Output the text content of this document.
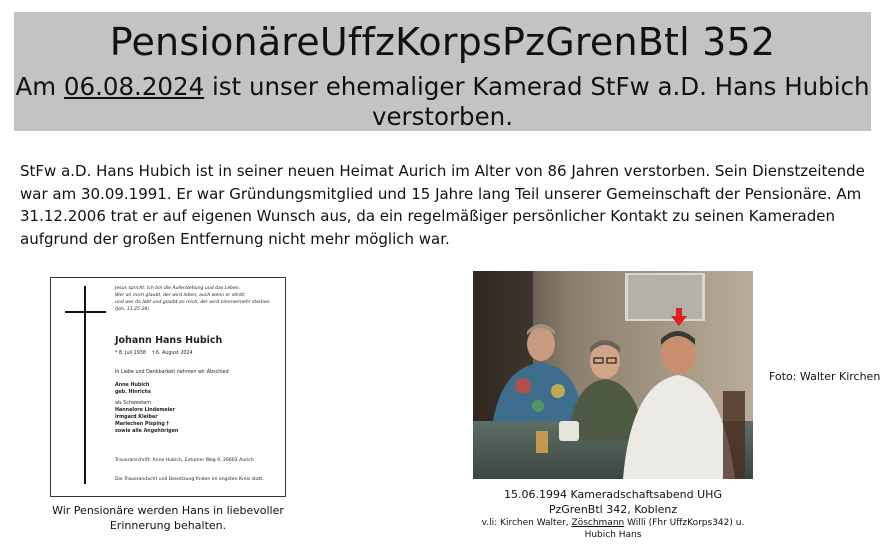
PensionäreUffzKorpsPzGrenBtl 352
Am 06.08.2024 ist unser ehemaliger Kamerad StFw a.D. Hans Hubich
verstorben.

StFw a.D. Hans Hubich ist in seiner neuen Heimat Aurich im Alter von 86 Jahren verstorben. Sein Dienstzeitende war am 30.09.1991. Er war Gründungsmitglied und 15 Jahre lang Teil unserer Gemeinschaft der Pensionäre. Am 31.12.2006 trat er auf eigenen Wunsch aus, da ein regelmäßiger persönlicher Kontakt zu seinen Kameraden aufgrund der großen Entfernung nicht mehr möglich war.

Jesus spricht: Ich bin die Auferstehung und das Leben.
Wer an mich glaubt, der wird leben, auch wenn er stirbt;
und wer da lebt und glaubt an mich, der wird nimmermehr sterben.
(Joh. 11,25-26)
Johann Hans Hubich
* 8. Juli 1938    † 6. August 2024
In Liebe und Dankbarkeit nehmen wir Abschied
Anne Hubich
geb. Hinrichs
als Schwestern
Hannelore Lindemeier
Irmgard Kleiber
Mariechen Pisping †
sowie alle Angehörigen
Traueranschrift: Anne Hubich, Extumer Weg 9, 26603 Aurich
Die Trauerandacht und Beisetzung finden im engsten Kreis statt.
Wir Pensionäre werden Hans in liebevoller Erinnerung behalten.
Foto: Walter Kirchen
15.06.1994 Kameradschaftsabend UHG
PzGrenBtl 342, Koblenz
v.li: Kirchen Walter, Zöschmann Willi (Fhr UffzKorps342) u.
Hubich Hans
